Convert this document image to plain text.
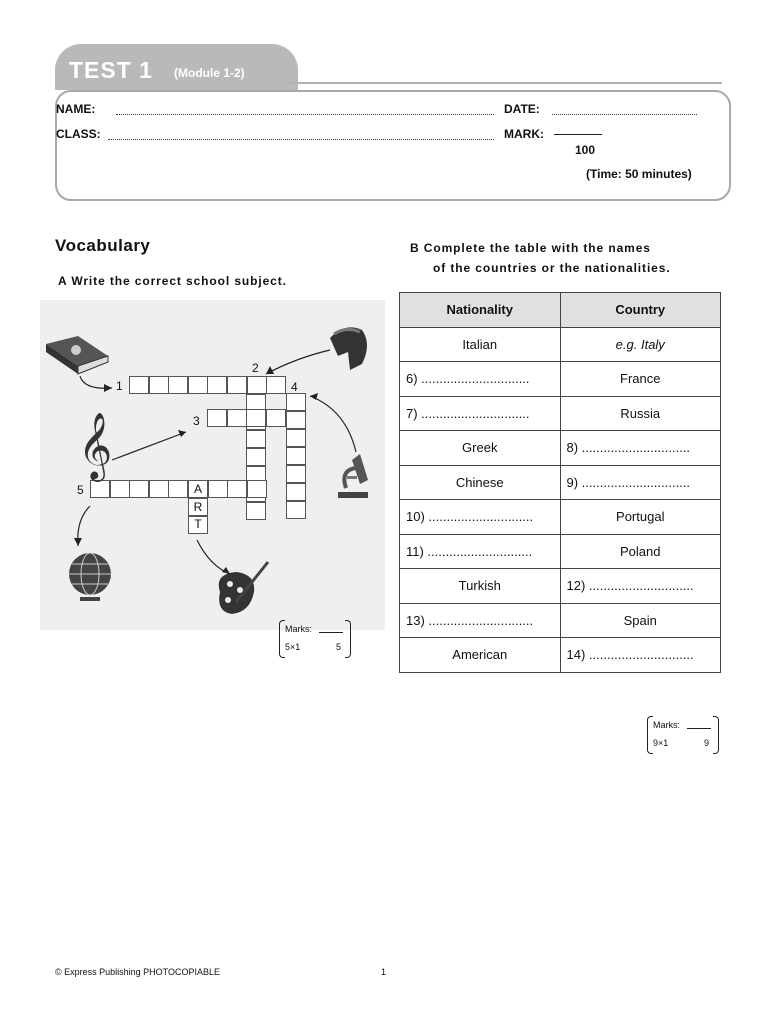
TEST 1 (Module 1-2)
NAME:	DATE:
CLASS:	MARK:
100
(Time: 50 minutes)
Vocabulary
A Write the correct school subject.
B Complete the table with the names
of the countries or the nationalities.
1
2
3
4
5	A
R
T
𝄞
Marks:
5×1	5
Nationality	Country
Italian	e.g. Italy
6) ..............................	France
7) ..............................	Russia
Greek	8) ..............................
Chinese	9) ..............................
10) .............................	Portugal
11) .............................	Poland
Turkish	12) .............................
13) .............................	Spain
American	14) .............................
Marks:
9×1	9
© Express Publishing PHOTOCOPIABLE	1
